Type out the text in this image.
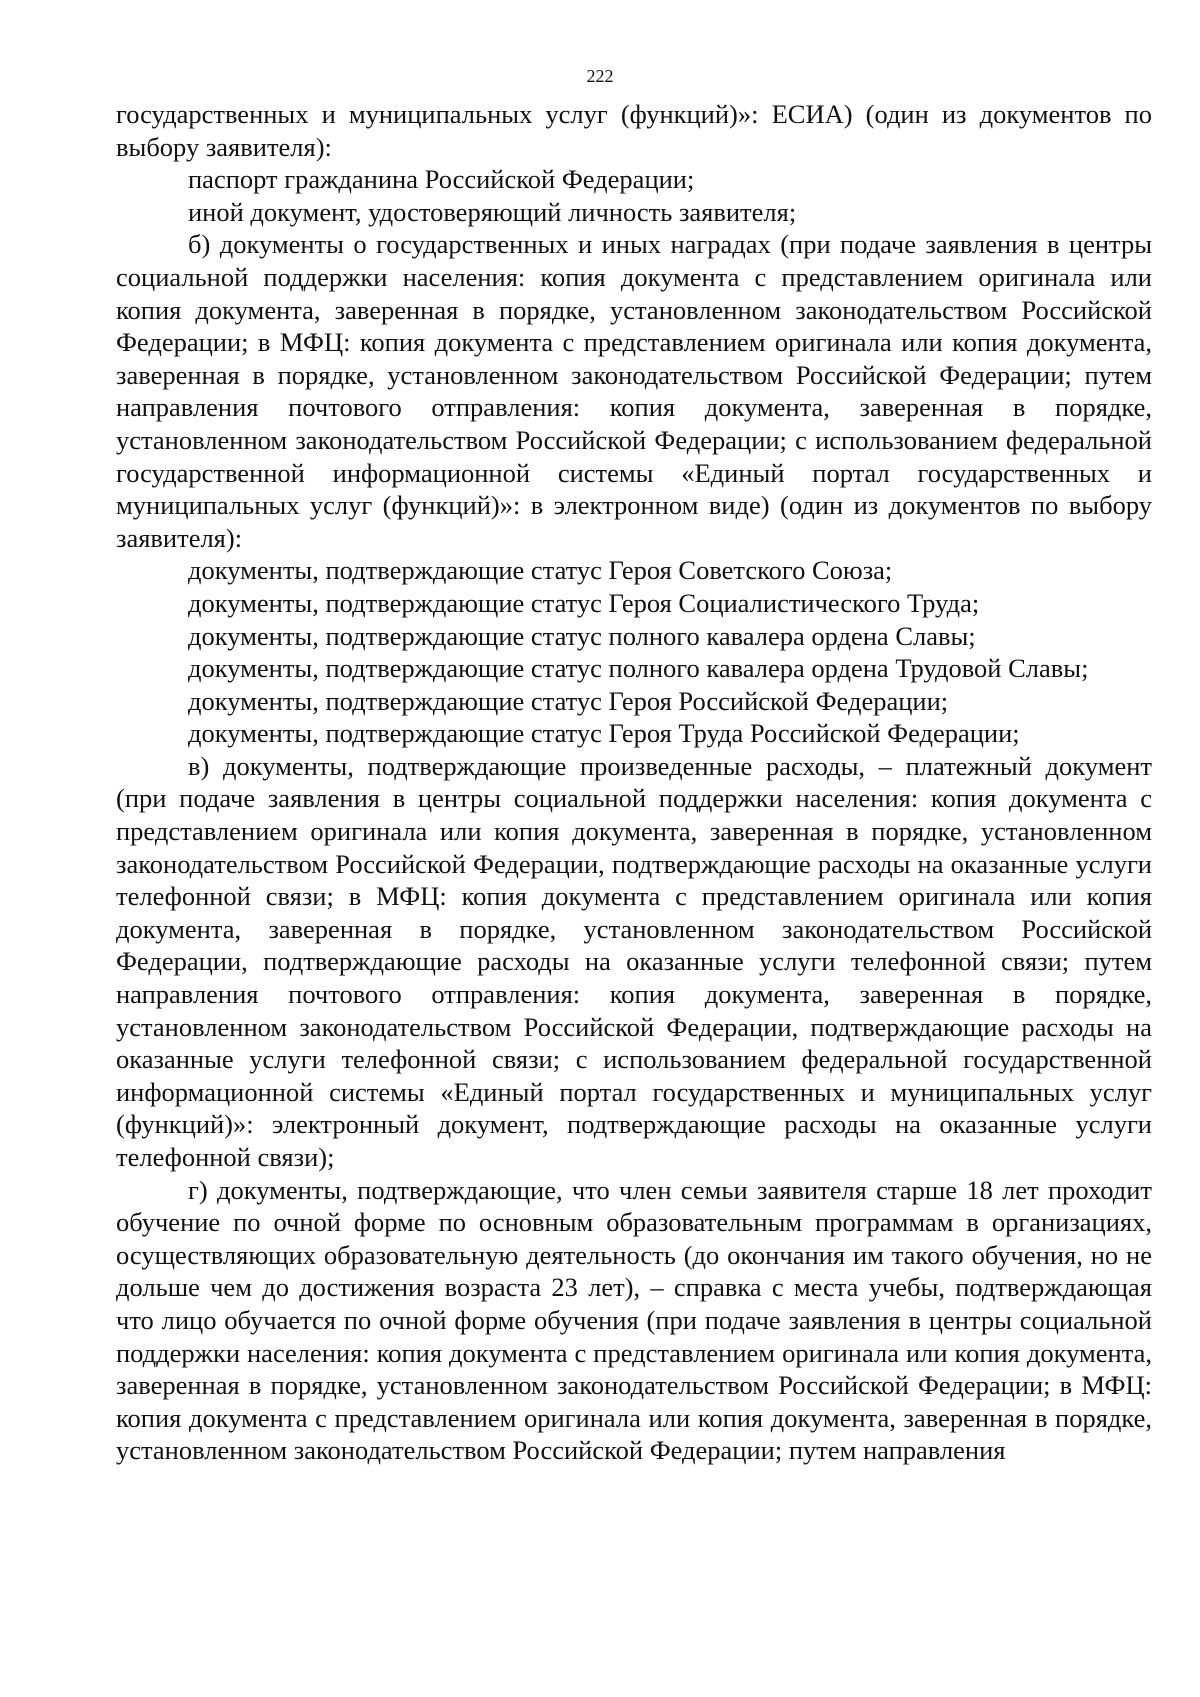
222

государственных и муниципальных услуг (функций)»: ЕСИА) (один из документов по выбору заявителя):

паспорт гражданина Российской Федерации;

иной документ, удостоверяющий личность заявителя;

б) документы о государственных и иных наградах (при подаче заявления в центры социальной поддержки населения: копия документа с представлением оригинала или копия документа, заверенная в порядке, установленном законодательством Российской Федерации; в МФЦ: копия документа с представлением оригинала или копия документа, заверенная в порядке, установленном законодательством Российской Федерации; путем направления почтового отправления: копия документа, заверенная в порядке, установленном законодательством Российской Федерации; с использованием федеральной государственной информационной системы «Единый портал государственных и муниципальных услуг (функций)»: в электронном виде) (один из документов по выбору заявителя):

документы, подтверждающие статус Героя Советского Союза;

документы, подтверждающие статус Героя Социалистического Труда;

документы, подтверждающие статус полного кавалера ордена Славы;

документы, подтверждающие статус полного кавалера ордена Трудовой Славы;

документы, подтверждающие статус Героя Российской Федерации;

документы, подтверждающие статус Героя Труда Российской Федерации;

в) документы, подтверждающие произведенные расходы, – платежный документ (при подаче заявления в центры социальной поддержки населения: копия документа с представлением оригинала или копия документа, заверенная в порядке, установленном законодательством Российской Федерации, подтверждающие расходы на оказанные услуги телефонной связи; в МФЦ: копия документа с представлением оригинала или копия документа, заверенная в порядке, установленном законодательством Российской Федерации, подтверждающие расходы на оказанные услуги телефонной связи; путем направления почтового отправления: копия документа, заверенная в порядке, установленном законодательством Российской Федерации, подтверждающие расходы на оказанные услуги телефонной связи; с использованием федеральной государственной информационной системы «Единый портал государственных и муниципальных услуг (функций)»: электронный документ, подтверждающие расходы на оказанные услуги телефонной связи);

г) документы, подтверждающие, что член семьи заявителя старше 18 лет проходит обучение по очной форме по основным образовательным программам в организациях, осуществляющих образовательную деятельность (до окончания им такого обучения, но не дольше чем до достижения возраста 23 лет), – справка с места учебы, подтверждающая что лицо обучается по очной форме обучения (при подаче заявления в центры социальной поддержки населения: копия документа с представлением оригинала или копия документа, заверенная в порядке, установленном законодательством Российской Федерации; в МФЦ: копия документа с представлением оригинала или копия документа, заверенная в порядке, установленном законодательством Российской Федерации; путем направления
